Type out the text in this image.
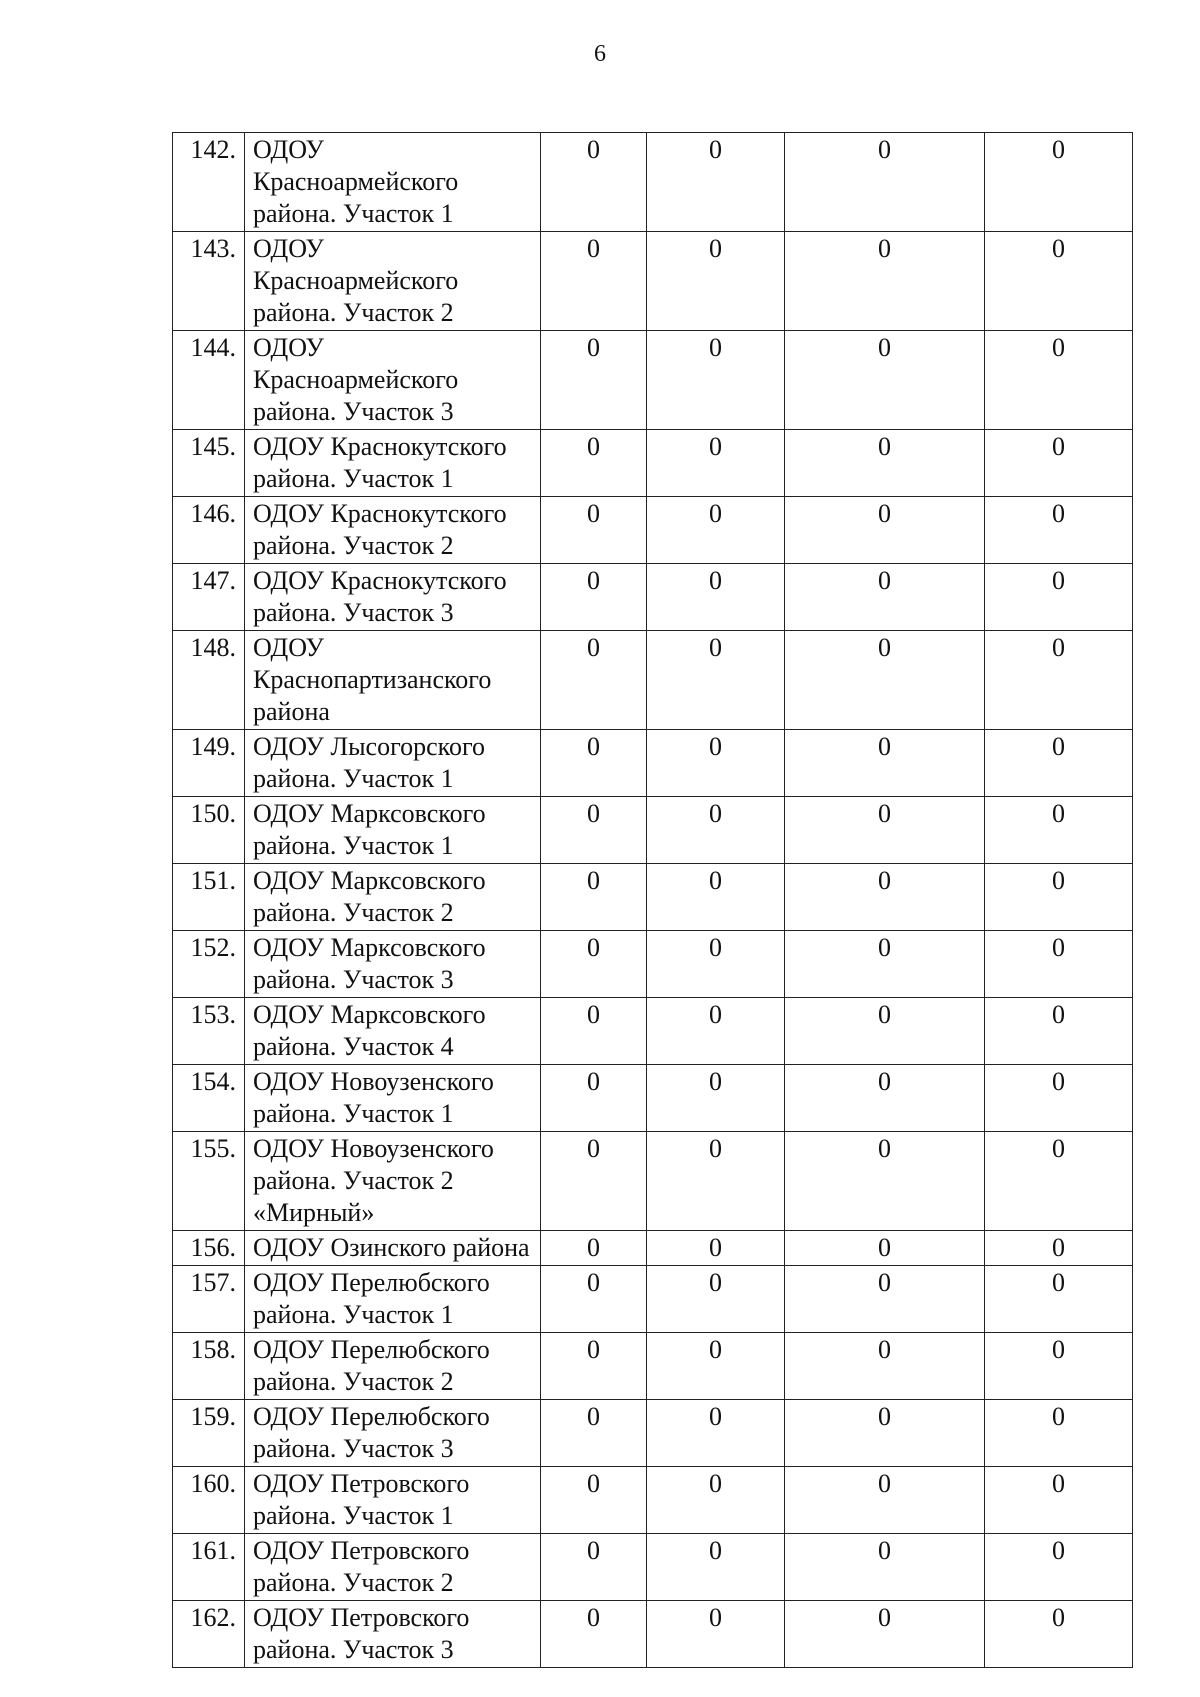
6
142.	ОДОУ Красноармейского района. Участок 1	0	0	0	0
143.	ОДОУ Красноармейского района. Участок 2	0	0	0	0
144.	ОДОУ Красноармейского района. Участок 3	0	0	0	0
145.	ОДОУ Краснокутского района. Участок 1	0	0	0	0
146.	ОДОУ Краснокутского района. Участок 2	0	0	0	0
147.	ОДОУ Краснокутского района. Участок 3	0	0	0	0
148.	ОДОУ Краснопартизанского района	0	0	0	0
149.	ОДОУ Лысогорского района. Участок 1	0	0	0	0
150.	ОДОУ Марксовского района. Участок 1	0	0	0	0
151.	ОДОУ Марксовского района. Участок 2	0	0	0	0
152.	ОДОУ Марксовского района. Участок 3	0	0	0	0
153.	ОДОУ Марксовского района. Участок 4	0	0	0	0
154.	ОДОУ Новоузенского района. Участок 1	0	0	0	0
155.	ОДОУ Новоузенского района. Участок 2 «Мирный»	0	0	0	0
156.	ОДОУ Озинского района	0	0	0	0
157.	ОДОУ Перелюбского района. Участок 1	0	0	0	0
158.	ОДОУ Перелюбского района. Участок 2	0	0	0	0
159.	ОДОУ Перелюбского района. Участок 3	0	0	0	0
160.	ОДОУ Петровского района. Участок 1	0	0	0	0
161.	ОДОУ Петровского района. Участок 2	0	0	0	0
162.	ОДОУ Петровского района. Участок 3	0	0	0	0
